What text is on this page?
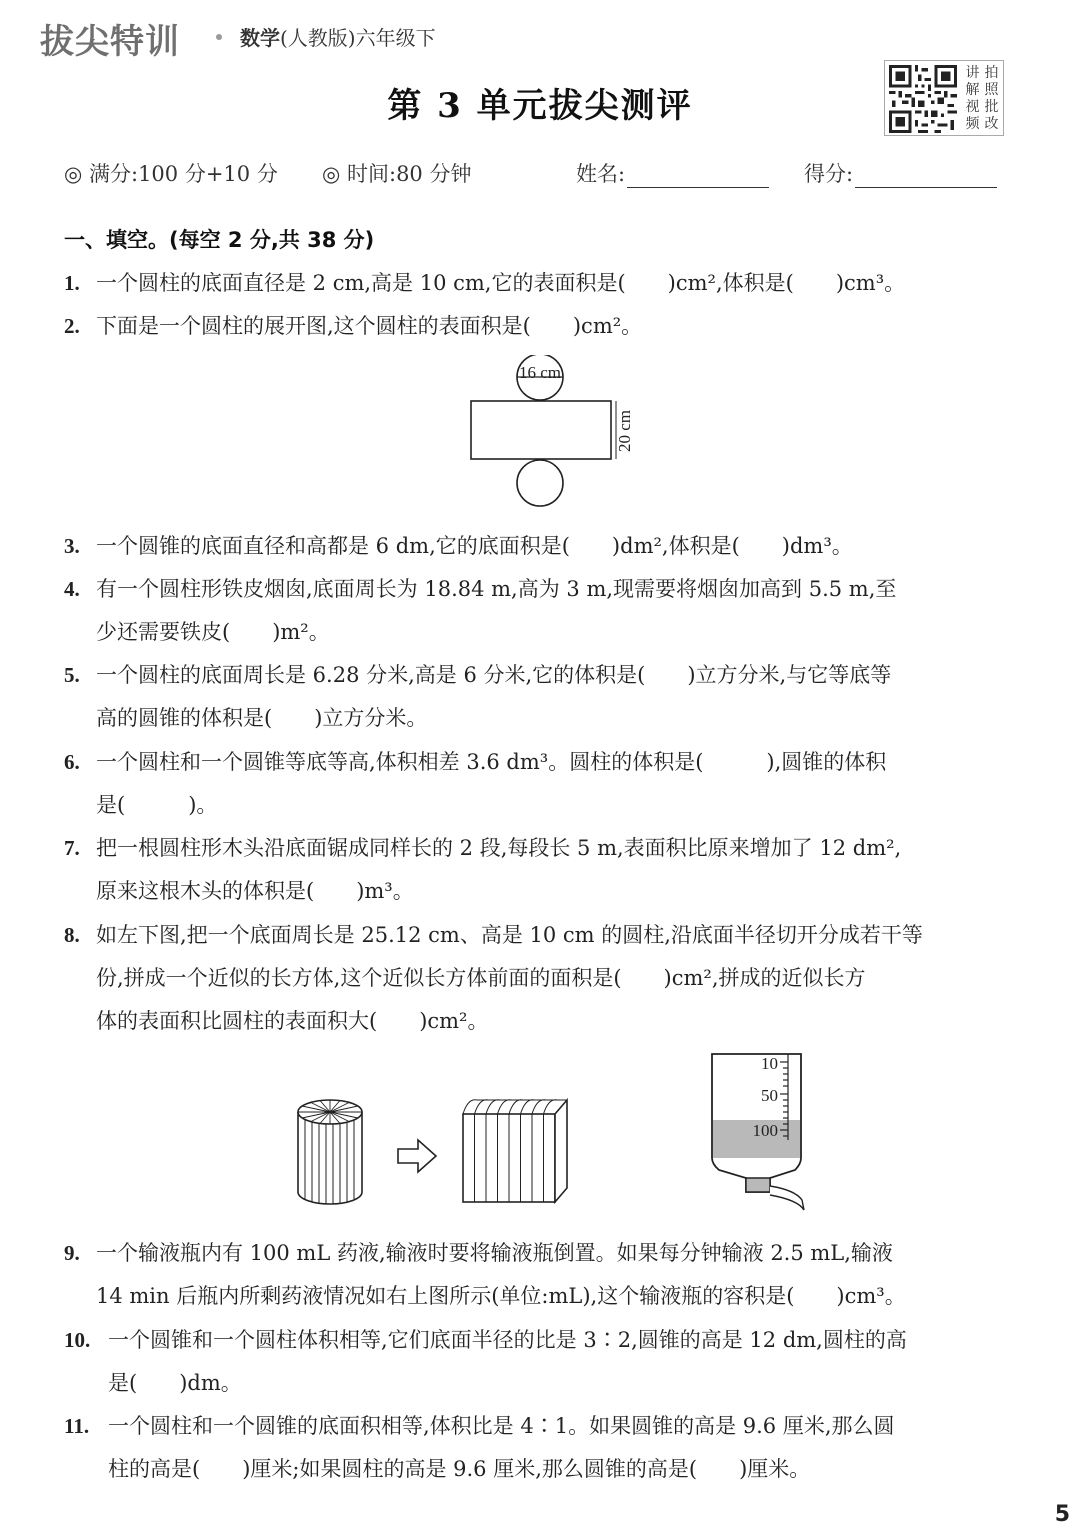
拔尖特训	数学(人教版)六年级下
第 3 单元拔尖测评
讲 拍
解 照
视 批
频 改
◎ 满分:100 分+10 分 ◎ 时间:80 分钟	姓名:	得分:
一、填空。(每空 2 分,共 38 分)
1. 一个圆柱的底面直径是 2 cm,高是 10 cm,它的表面积是(　　)cm²,体积是(　　)cm³。
2. 下面是一个圆柱的展开图,这个圆柱的表面积是(　　)cm²。
16 cm
20 cm
3. 一个圆锥的底面直径和高都是 6 dm,它的底面积是(　　)dm²,体积是(　　)dm³。
4. 有一个圆柱形铁皮烟囱,底面周长为 18.84 m,高为 3 m,现需要将烟囱加高到 5.5 m,至
少还需要铁皮(　　)m²。
5. 一个圆柱的底面周长是 6.28 分米,高是 6 分米,它的体积是(　　)立方分米,与它等底等
高的圆锥的体积是(　　)立方分米。
6. 一个圆柱和一个圆锥等底等高,体积相差 3.6 dm³。圆柱的体积是(　　　),圆锥的体积
是(　　　)。
7. 把一根圆柱形木头沿底面锯成同样长的 2 段,每段长 5 m,表面积比原来增加了 12 dm²,
原来这根木头的体积是(　　)m³。
8. 如左下图,把一个底面周长是 25.12 cm、高是 10 cm 的圆柱,沿底面半径切开分成若干等
份,拼成一个近似的长方体,这个近似长方体前面的面积是(　　)cm²,拼成的近似长方
体的表面积比圆柱的表面积大(　　)cm²。
10
50
100
9. 一个输液瓶内有 100 mL 药液,输液时要将输液瓶倒置。如果每分钟输液 2.5 mL,输液
14 min 后瓶内所剩药液情况如右上图所示(单位:mL),这个输液瓶的容积是(　　)cm³。
10. 一个圆锥和一个圆柱体积相等,它们底面半径的比是 3∶2,圆锥的高是 12 dm,圆柱的高
是(　　)dm。
11. 一个圆柱和一个圆锥的底面积相等,体积比是 4∶1。如果圆锥的高是 9.6 厘米,那么圆
柱的高是(　　)厘米;如果圆柱的高是 9.6 厘米,那么圆锥的高是(　　)厘米。
5
